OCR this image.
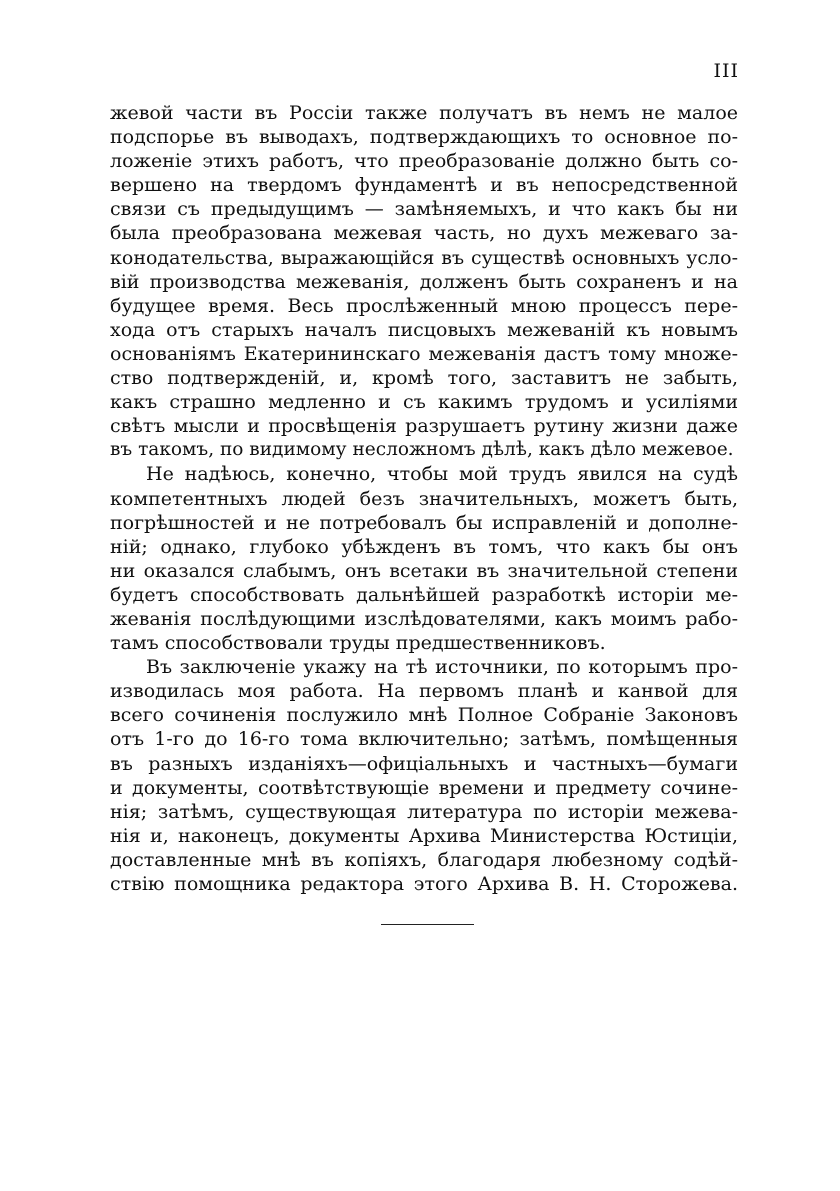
III
жевой части въ Россіи также получатъ въ немъ не малое
подспорье въ выводахъ, подтверждающихъ то основное по-
ложеніе этихъ работъ, что преобразованіе должно быть со-
вершено на твердомъ фундаментѣ и въ непосредственной
связи съ предыдущимъ — замѣняемыхъ, и что какъ бы ни
была преобразована межевая часть, но духъ межеваго за-
конодательства, выражающійся въ существѣ основныхъ усло-
вій производства межеванія, долженъ быть сохраненъ и на
будущее время. Весь прослѣженный мною процессъ пере-
хода отъ старыхъ началъ писцовыхъ межеваній къ новымъ
основаніямъ Екатерининскаго межеванія дастъ тому множе-
ство подтвержденій, и, кромѣ того, заставитъ не забыть,
какъ страшно медленно и съ какимъ трудомъ и усиліями
свѣтъ мысли и просвѣщенія разрушаетъ рутину жизни даже
въ такомъ, по видимому несложномъ дѣлѣ, какъ дѣло межевое.
Не надѣюсь, конечно, чтобы мой трудъ явился на судѣ
компетентныхъ людей безъ значительныхъ, можетъ быть,
погрѣшностей и не потребовалъ бы исправленій и дополне-
ній; однако, глубоко убѣжденъ въ томъ, что какъ бы онъ
ни оказался слабымъ, онъ всетаки въ значительной степени
будетъ способствовать дальнѣйшей разработкѣ исторіи ме-
жеванія послѣдующими изслѣдователями, какъ моимъ рабо-
тамъ способствовали труды предшественниковъ.
Въ заключеніе укажу на тѣ источники, по которымъ про-
изводилась моя работа. На первомъ планѣ и канвой для
всего сочиненія послужило мнѣ Полное Собраніе Законовъ
отъ 1-го до 16-го тома включительно; затѣмъ, помѣщенныя
въ разныхъ изданіяхъ—офиціальныхъ и частныхъ—бумаги
и документы, соотвѣтствующіе времени и предмету сочине-
нія; затѣмъ, существующая литература по исторіи межева-
нія и, наконецъ, документы Архива Министерства Юстиціи,
доставленные мнѣ въ копіяхъ, благодаря любезному содѣй-
ствію помощника редактора этого Архива В. Н. Сторожева.
